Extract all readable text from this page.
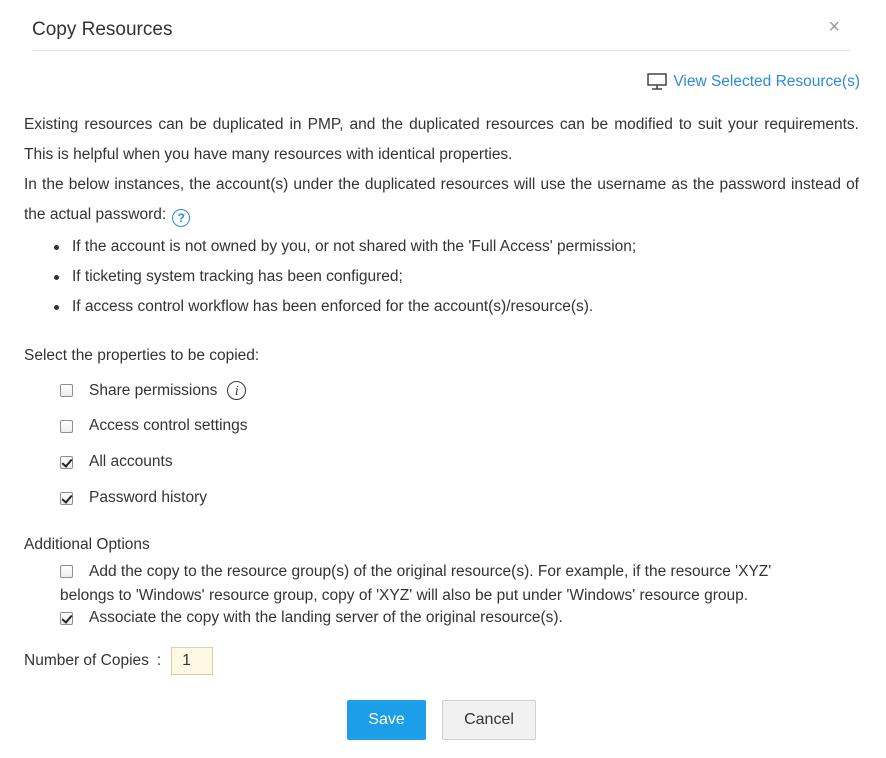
Copy Resources	×
View Selected Resource(s)

Existing resources can be duplicated in PMP, and the duplicated resources can be modified to suit your requirements. This is helpful when you have many resources with identical properties.

In the below instances, the account(s) under the duplicated resources will use the username as the password instead of the actual password: ?

If the account is not owned by you, or not shared with the 'Full Access' permission;
If ticketing system tracking has been configured;
If access control workflow has been enforced for the account(s)/resource(s).
Select the properties to be copied:
Share permissions	i
Access control settings
All accounts
Password history
Additional Options
Add the copy to the resource group(s) of the original resource(s). For example, if the resource 'XYZ'
belongs to 'Windows' resource group, copy of 'XYZ' will also be put under 'Windows' resource group.
Associate the copy with the landing server of the original resource(s).
Number of Copies :
1
Save	Cancel
